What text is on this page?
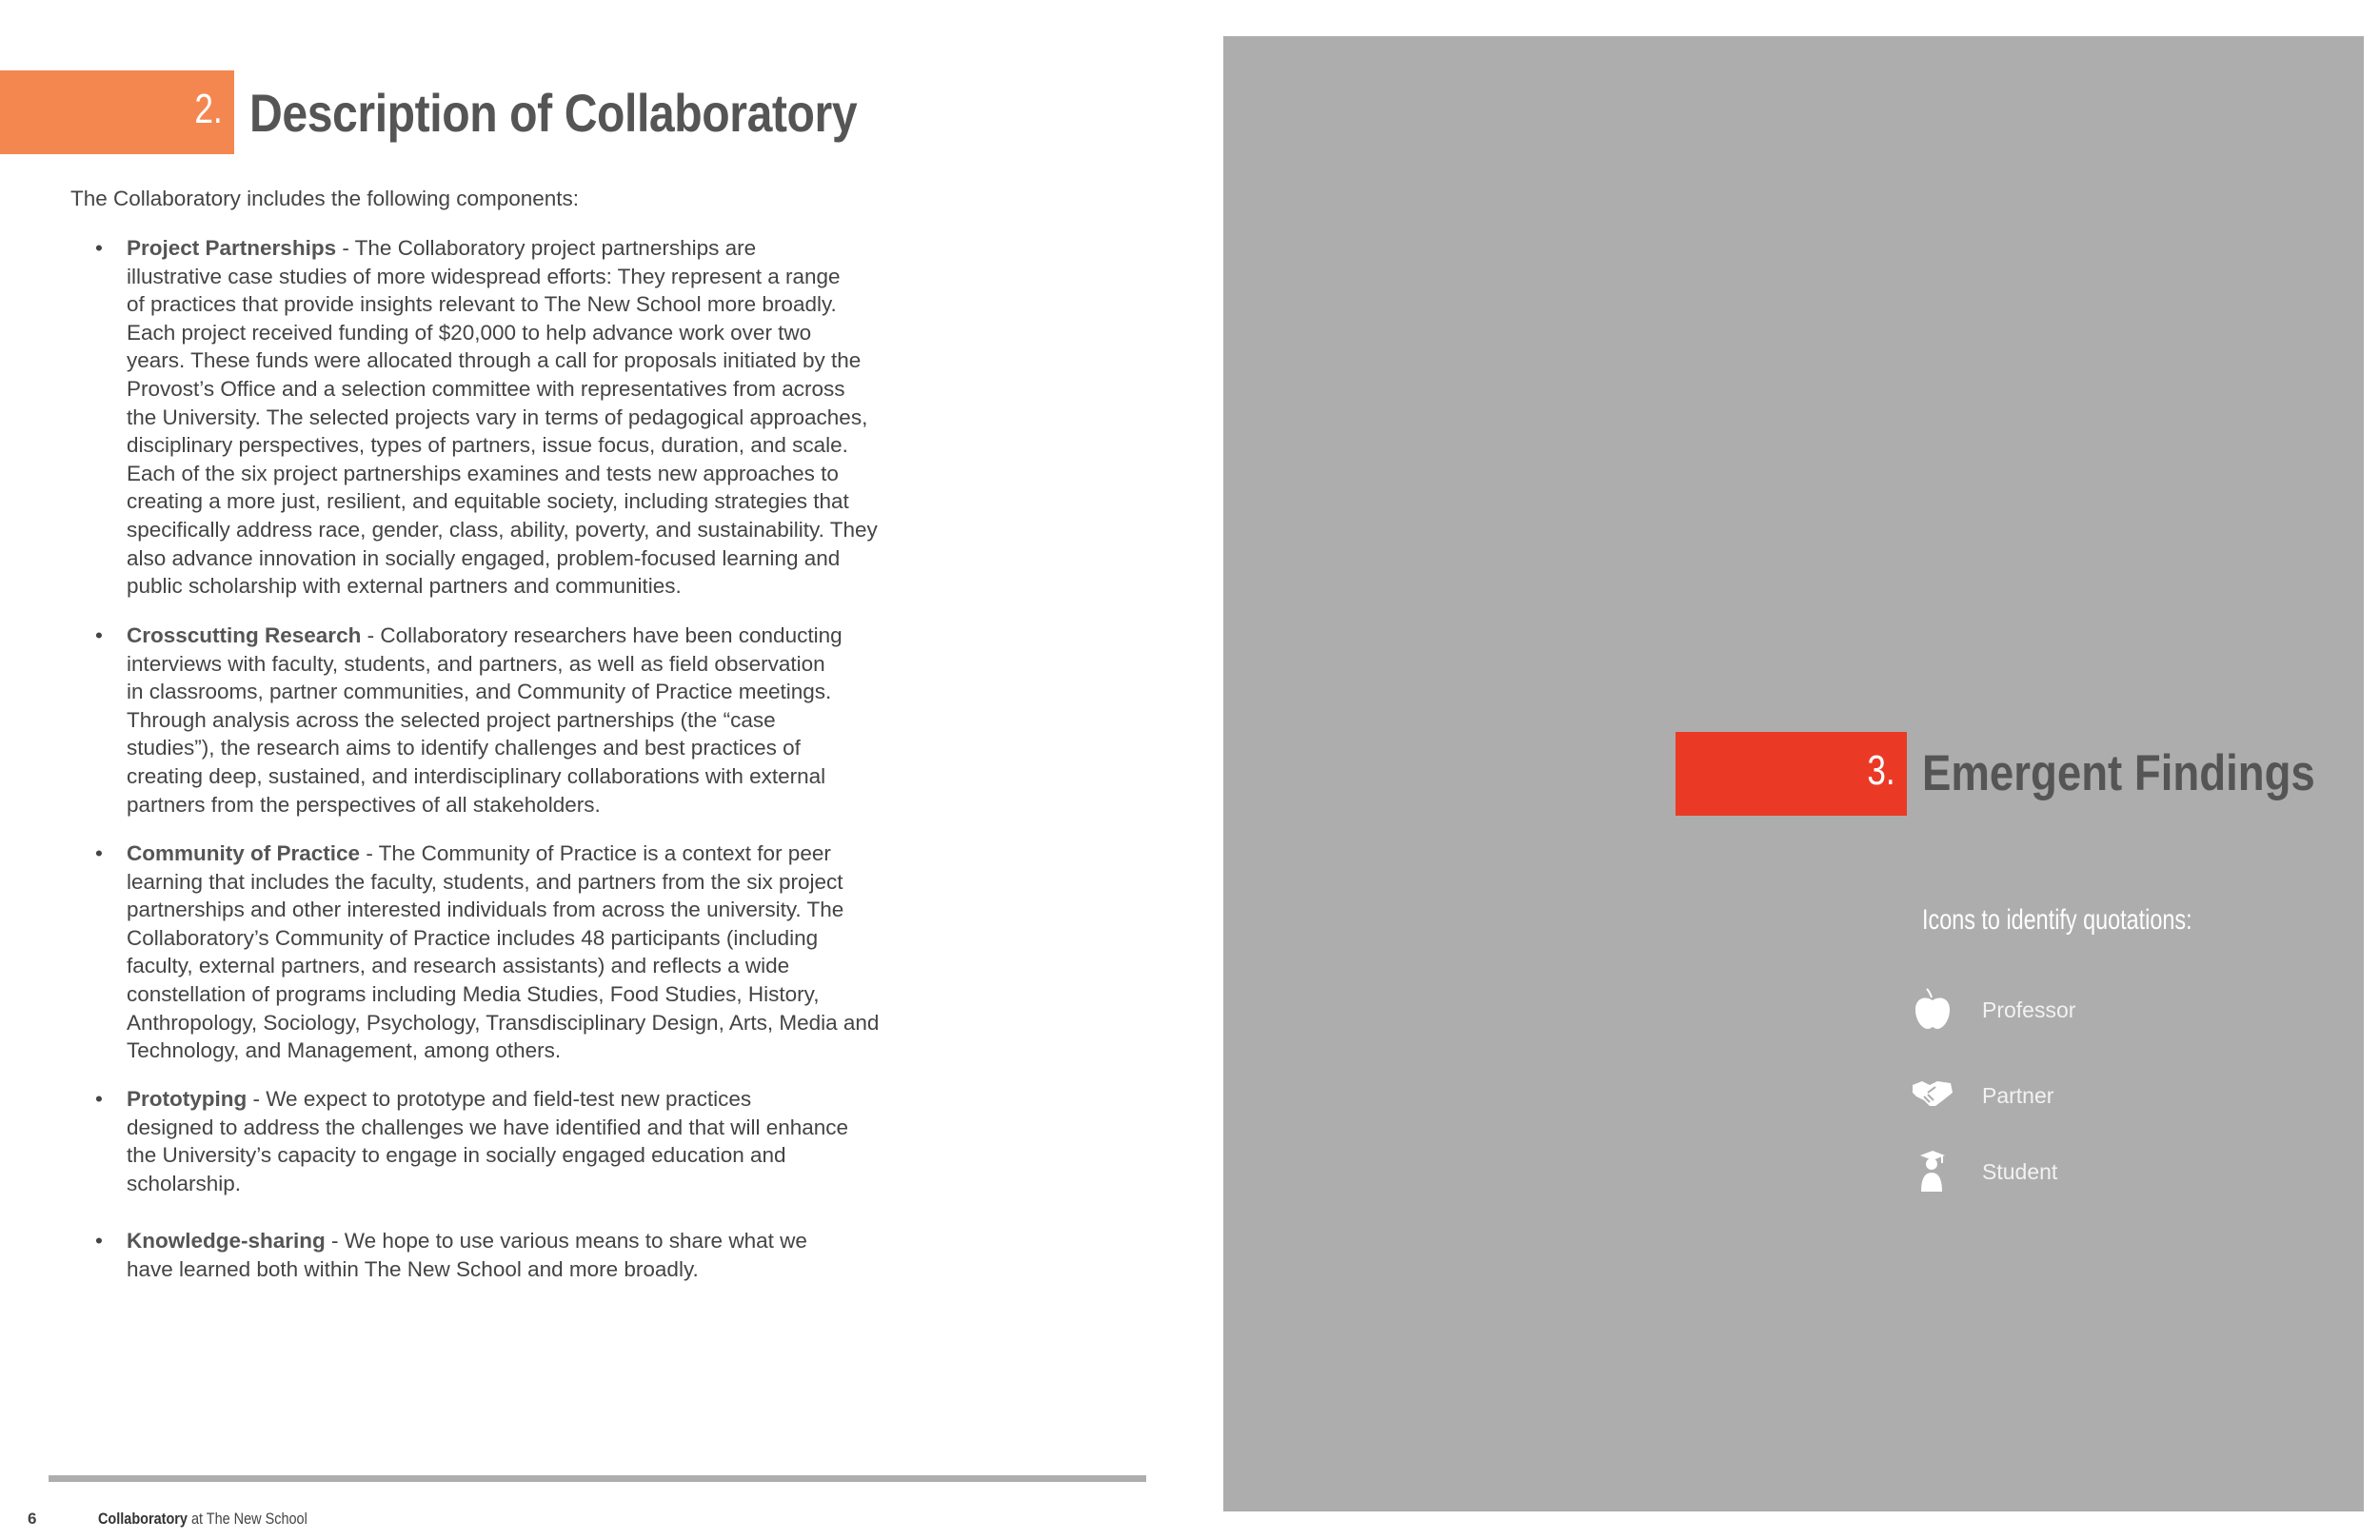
2. Description of Collaboratory
The Collaboratory includes the following components:
• Project Partnerships - The Collaboratory project partnerships are
illustrative case studies of more widespread efforts: They represent a range
of practices that provide insights relevant to The New School more broadly.
Each project received funding of $20,000 to help advance work over two
years. These funds were allocated through a call for proposals initiated by the
Provost’s Office and a selection committee with representatives from across
the University. The selected projects vary in terms of pedagogical approaches,
disciplinary perspectives, types of partners, issue focus, duration, and scale.
Each of the six project partnerships examines and tests new approaches to
creating a more just, resilient, and equitable society, including strategies that
specifically address race, gender, class, ability, poverty, and sustainability. They
also advance innovation in socially engaged, problem-focused learning and
public scholarship with external partners and communities.
• Crosscutting Research - Collaboratory researchers have been conducting
interviews with faculty, students, and partners, as well as field observation
in classrooms, partner communities, and Community of Practice meetings.
Through analysis across the selected project partnerships (the “case
studies”), the research aims to identify challenges and best practices of
creating deep, sustained, and interdisciplinary collaborations with external
partners from the perspectives of all stakeholders.
• Community of Practice - The Community of Practice is a context for peer
learning that includes the faculty, students, and partners from the six project
partnerships and other interested individuals from across the university. The
Collaboratory’s Community of Practice includes 48 participants (including
faculty, external partners, and research assistants) and reflects a wide
constellation of programs including Media Studies, Food Studies, History,
Anthropology, Sociology, Psychology, Transdisciplinary Design, Arts, Media and
Technology, and Management, among others.
• Prototyping - We expect to prototype and field-test new practices
designed to address the challenges we have identified and that will enhance
the University’s capacity to engage in socially engaged education and
scholarship.
• Knowledge-sharing - We hope to use various means to share what we
have learned both within The New School and more broadly.
6	Collaboratory at The New School
3. Emergent Findings
Icons to identify quotations:
Professor
Partner
Student
